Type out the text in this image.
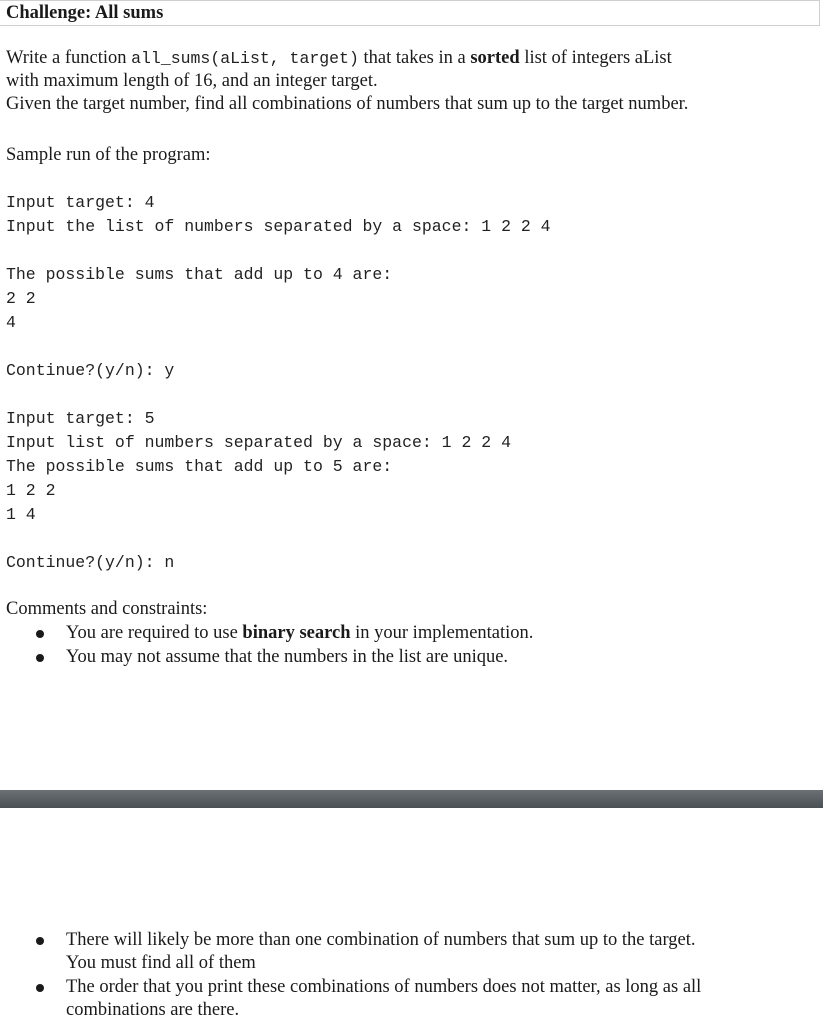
Challenge: All sums
Write a function all_sums(aList, target) that takes in a sorted list of integers aList
with maximum length of 16, and an integer target.
Given the target number, find all combinations of numbers that sum up to the target number.
Sample run of the program:
Input target: 4
Input the list of numbers separated by a space: 1 2 2 4

The possible sums that add up to 4 are:
2 2
4

Continue?(y/n): y

Input target: 5
Input list of numbers separated by a space: 1 2 2 4
The possible sums that add up to 5 are:
1 2 2
1 4

Continue?(y/n): n
Comments and constraints:
You are required to use binary search in your implementation.
You may not assume that the numbers in the list are unique.
There will likely be more than one combination of numbers that sum up to the target.
You must find all of them
The order that you print these combinations of numbers does not matter, as long as all
combinations are there.
